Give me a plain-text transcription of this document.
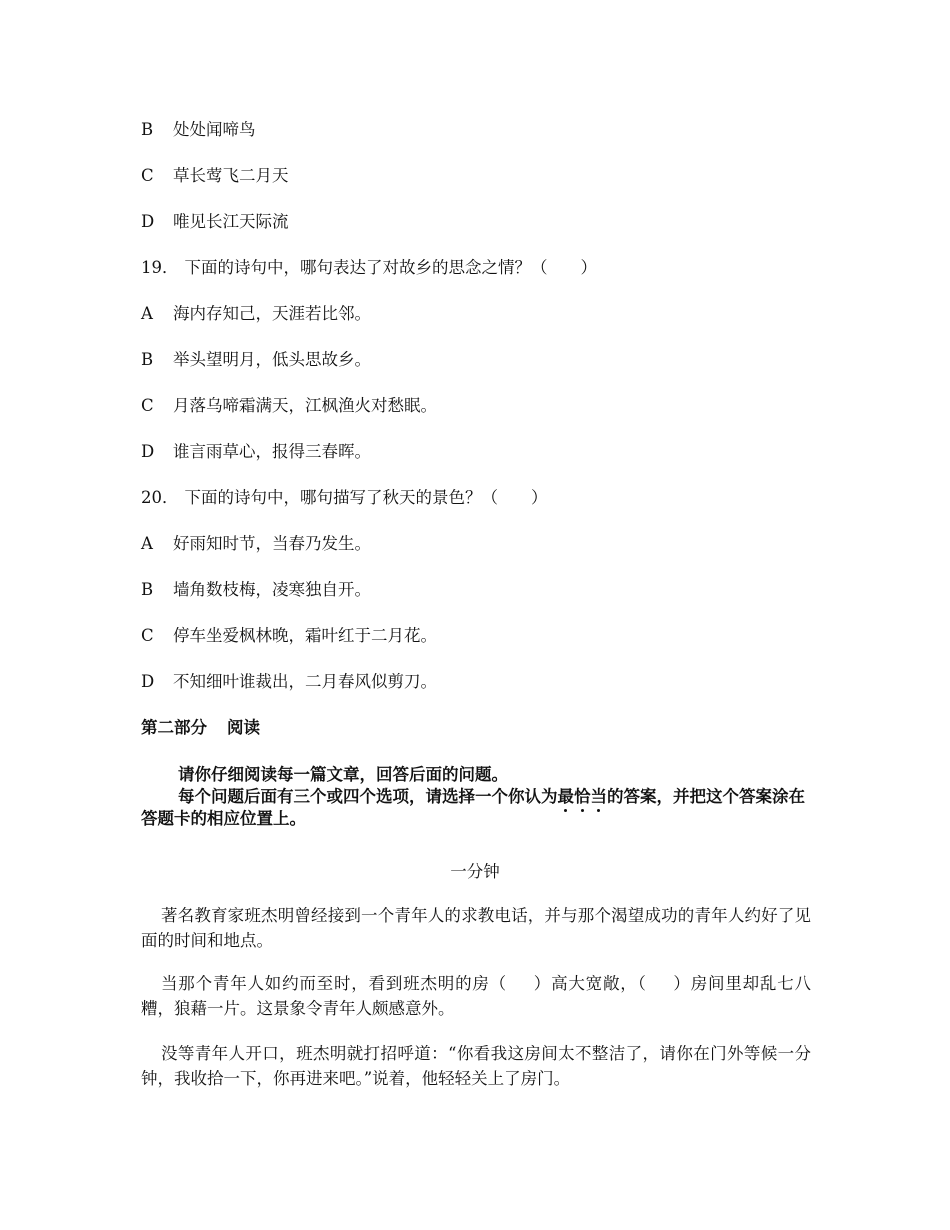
B 处处闻啼鸟
C 草长莺飞二月天
D 唯见长江天际流
19． 下面的诗句中，哪句表达了对故乡的思念之情？（　　）
A 海内存知己，天涯若比邻。
B 举头望明月，低头思故乡。
C 月落乌啼霜满天，江枫渔火对愁眠。
D 谁言雨草心，报得三春晖。
20． 下面的诗句中，哪句描写了秋天的景色？（　　）
A 好雨知时节，当春乃发生。
B 墙角数枝梅，凌寒独自开。
C 停车坐爱枫林晚，霜叶红于二月花。
D 不知细叶谁裁出，二月春风似剪刀。
第二部分 阅读
请你仔细阅读每一篇文章，回答后面的问题。
每个问题后面有三个或四个选项，请选择一个你认为最恰当的答案，并把这个答案涂在答题卡的相应位置上。
一分钟
著名教育家班杰明曾经接到一个青年人的求教电话，并与那个渴望成功的青年人约好了见面的时间和地点。
当那个青年人如约而至时，看到班杰明的房（ ）高大宽敞，（ ）房间里却乱七八糟，狼藉一片。这景象令青年人颇感意外。
没等青年人开口，班杰明就打招呼道：“你看我这房间太不整洁了，请你在门外等候一分钟，我收拾一下，你再进来吧。”说着，他轻轻关上了房门。
